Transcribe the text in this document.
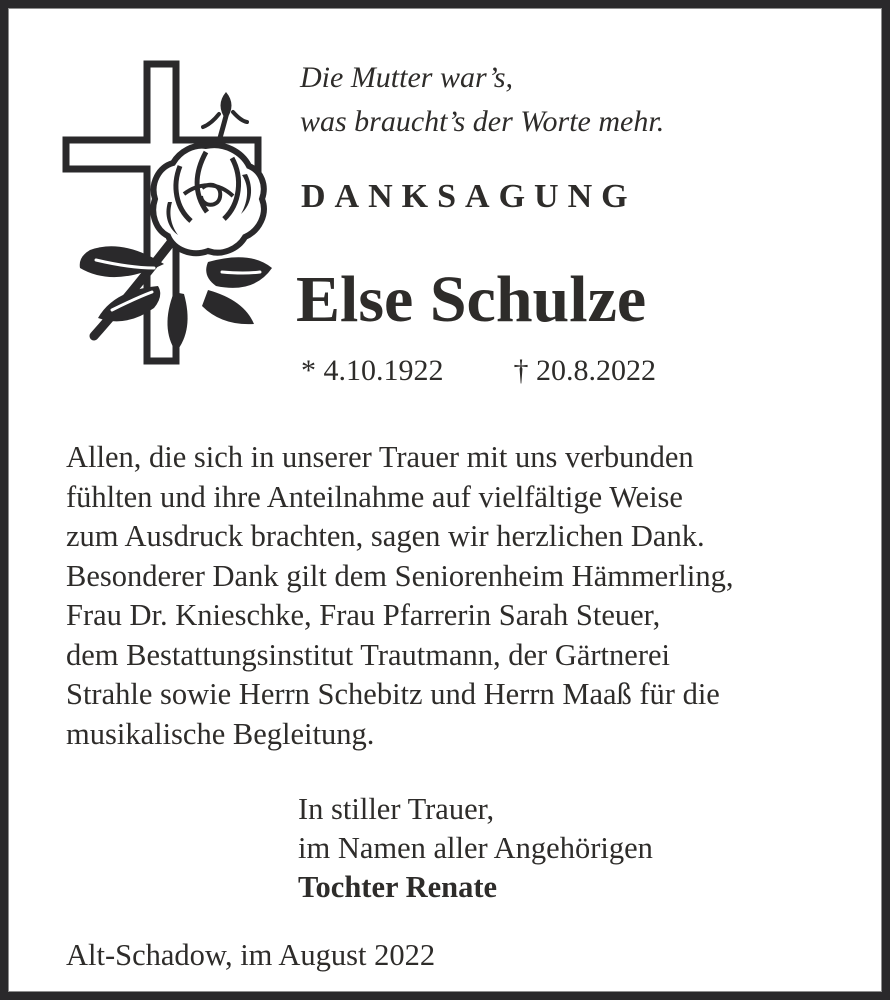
Die Mutter war’s,
was braucht’s der Worte mehr.
DANKSAGUNG
Else Schulze
* 4.10.1922 † 20.8.2022
Allen, die sich in unserer Trauer mit uns verbunden
fühlten und ihre Anteilnahme auf vielfältige Weise
zum Ausdruck brachten, sagen wir herzlichen Dank.
Besonderer Dank gilt dem Seniorenheim Hämmerling,
Frau Dr. Knieschke, Frau Pfarrerin Sarah Steuer,
dem Bestattungsinstitut Trautmann, der Gärtnerei
Strahle sowie Herrn Schebitz und Herrn Maaß für die
musikalische Begleitung.
In stiller Trauer,
im Namen aller Angehörigen
Tochter Renate
Alt-Schadow, im August 2022
